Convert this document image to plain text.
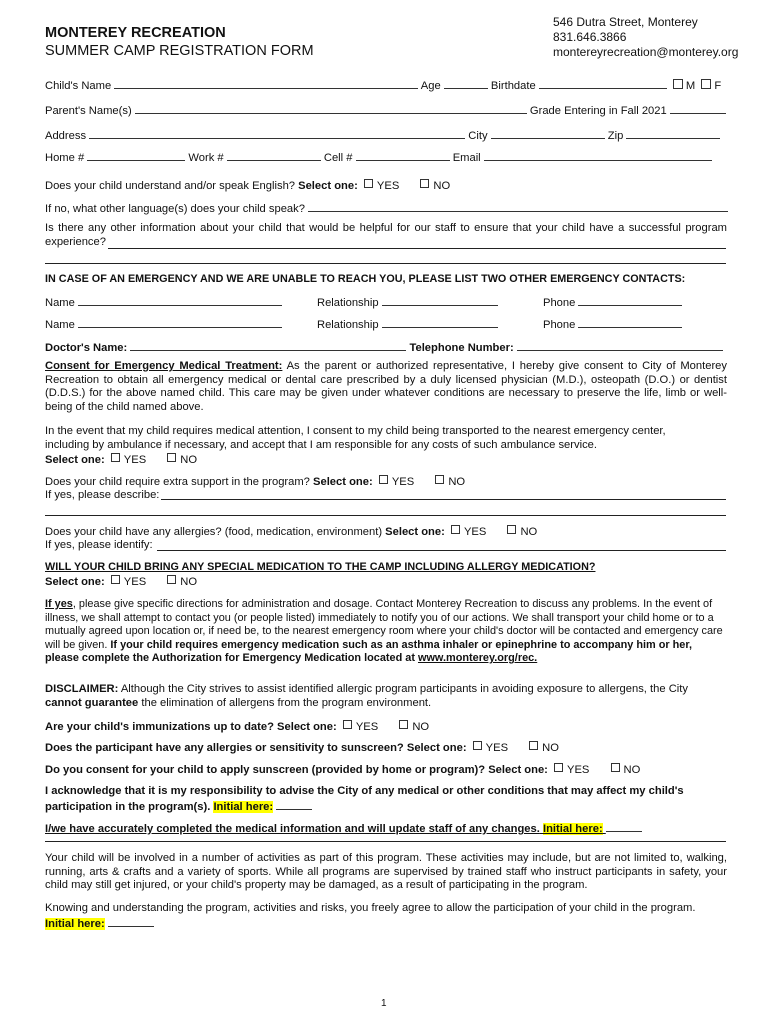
MONTEREY RECREATION
SUMMER CAMP REGISTRATION FORM
546 Dutra Street, Monterey
831.646.3866
montereyrecreation@monterey.org
Child's Name	Age	Birthdate	M F
Parent's Name(s)	Grade Entering in Fall 2021
Address	City	Zip
Home #	Work #	Cell #	Email
Does your child understand and/or speak English? Select one: YES	NO
If no, what other language(s) does your child speak?
Is there any other information about your child that would be helpful for our staff to ensure that your child have a successful program experience?
IN CASE OF AN EMERGENCY AND WE ARE UNABLE TO REACH YOU, PLEASE LIST TWO OTHER EMERGENCY CONTACTS:
Name	Relationship	Phone
Name	Relationship	Phone
Doctor's Name:	Telephone Number:
Consent for Emergency Medical Treatment: As the parent or authorized representative, I hereby give consent to City of Monterey Recreation to obtain all emergency medical or dental care prescribed by a duly licensed physician (M.D.), osteopath (D.O.) or dentist (D.D.S.) for the above named child. This care may be given under whatever conditions are necessary to preserve the life, limb or well-being of the child named above.
In the event that my child requires medical attention, I consent to my child being transported to the nearest emergency center, including by ambulance if necessary, and accept that I am responsible for any costs of such ambulance service.
Select one: YES	NO
Does your child require extra support in the program? Select one: YES	NO
If yes, please describe:
Does your child have any allergies? (food, medication, environment) Select one: YES	NO
If yes, please identify:
WILL YOUR CHILD BRING ANY SPECIAL MEDICATION TO THE CAMP INCLUDING ALLERGY MEDICATION?
Select one: YES	NO
If yes, please give specific directions for administration and dosage. Contact Monterey Recreation to discuss any problems. In the event of illness, we shall attempt to contact you (or people listed) immediately to notify you of our actions. We shall transport your child home or to a mutually agreed upon location or, if need be, to the nearest emergency room where your child's doctor will be contacted and emergency care will be given. If your child requires emergency medication such as an asthma inhaler or epinephrine to accompany him or her, please complete the Authorization for Emergency Medication located at www.monterey.org/rec.
DISCLAIMER: Although the City strives to assist identified allergic program participants in avoiding exposure to allergens, the City cannot guarantee the elimination of allergens from the program environment.
Are your child's immunizations up to date? Select one: YES	NO
Does the participant have any allergies or sensitivity to sunscreen? Select one: YES	NO
Do you consent for your child to apply sunscreen (provided by home or program)? Select one: YES	NO
I acknowledge that it is my responsibility to advise the City of any medical or other conditions that may affect my child's participation in the program(s). Initial here:
I/we have accurately completed the medical information and will update staff of any changes. Initial here:
Your child will be involved in a number of activities as part of this program. These activities may include, but are not limited to, walking, running, arts & crafts and a variety of sports. While all programs are supervised by trained staff who instruct participants in safety, your child may still get injured, or your child's property may be damaged, as a result of participating in the program.
Knowing and understanding the program, activities and risks, you freely agree to allow the participation of your child in the program.
Initial here:
1
